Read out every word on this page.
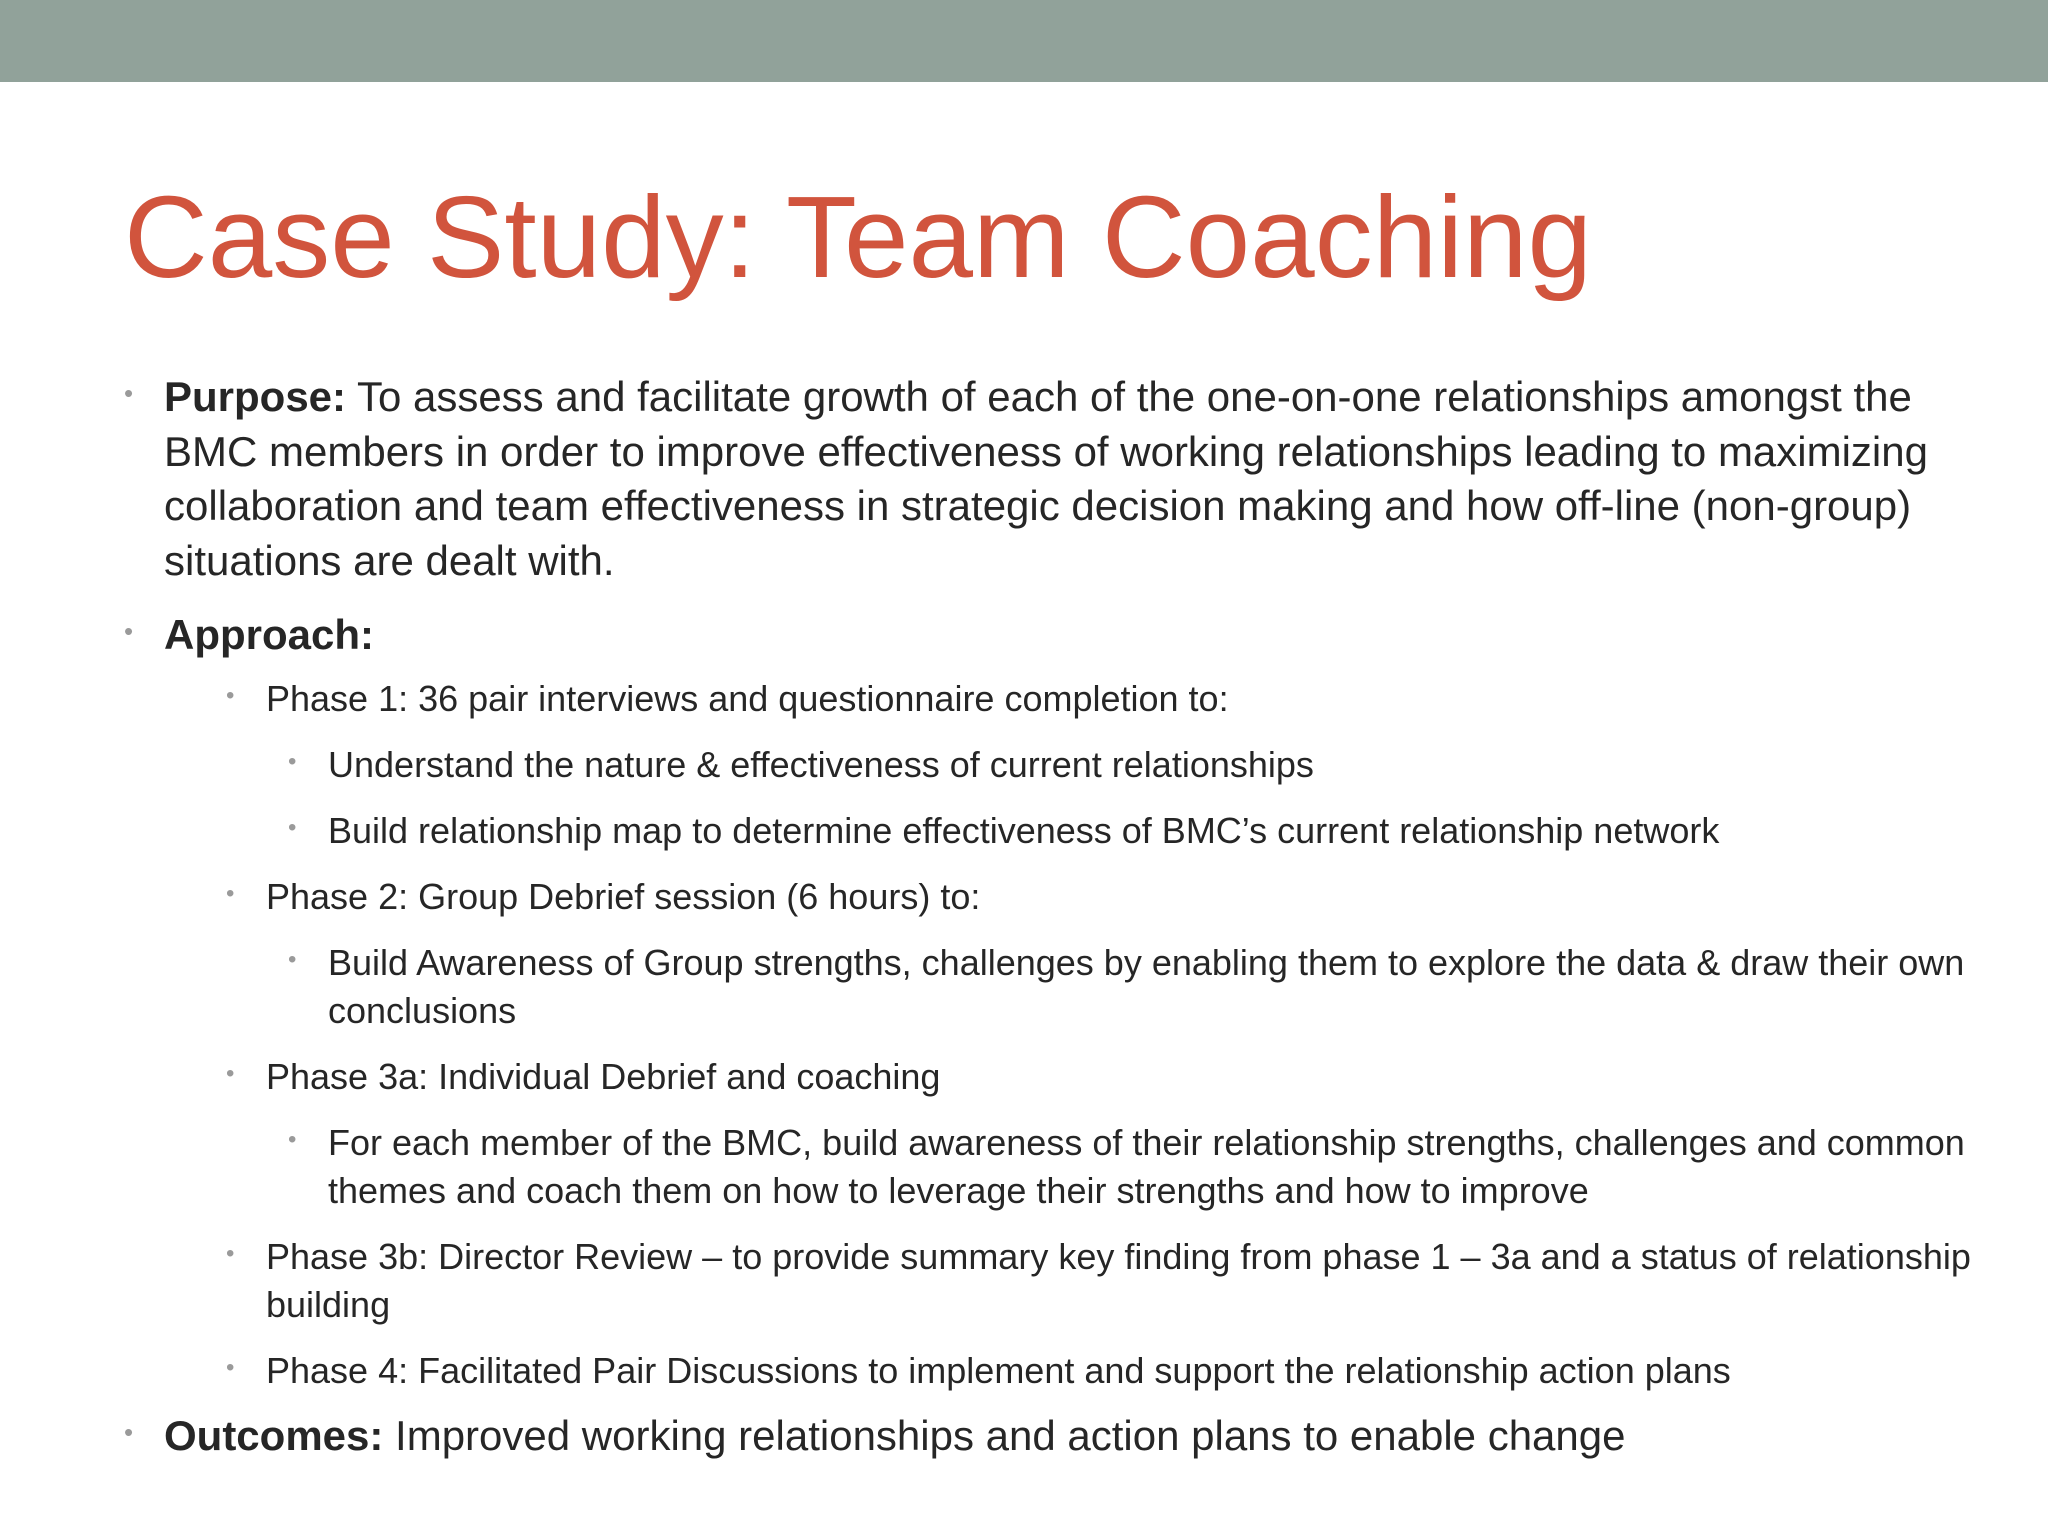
Case Study: Team Coaching
• Purpose: To assess and facilitate growth of each of the one-on-one relationships amongst the BMC members in order to improve effectiveness of working relationships leading to maximizing collaboration and team effectiveness in strategic decision making and how off-line (non-group) situations are dealt with.
• Approach:
• Phase 1: 36 pair interviews and questionnaire completion to:
• Understand the nature & effectiveness of current relationships
• Build relationship map to determine effectiveness of BMC’s current relationship network
• Phase 2: Group Debrief session (6 hours) to:
• Build Awareness of Group strengths, challenges by enabling them to explore the data & draw their own conclusions
• Phase 3a: Individual Debrief and coaching
• For each member of the BMC, build awareness of their relationship strengths, challenges and common themes and coach them on how to leverage their strengths and how to improve
• Phase 3b: Director Review – to provide summary key finding from phase 1 – 3a and a status of relationship building
• Phase 4: Facilitated Pair Discussions to implement and support the relationship action plans
• Outcomes: Improved working relationships and action plans to enable change
